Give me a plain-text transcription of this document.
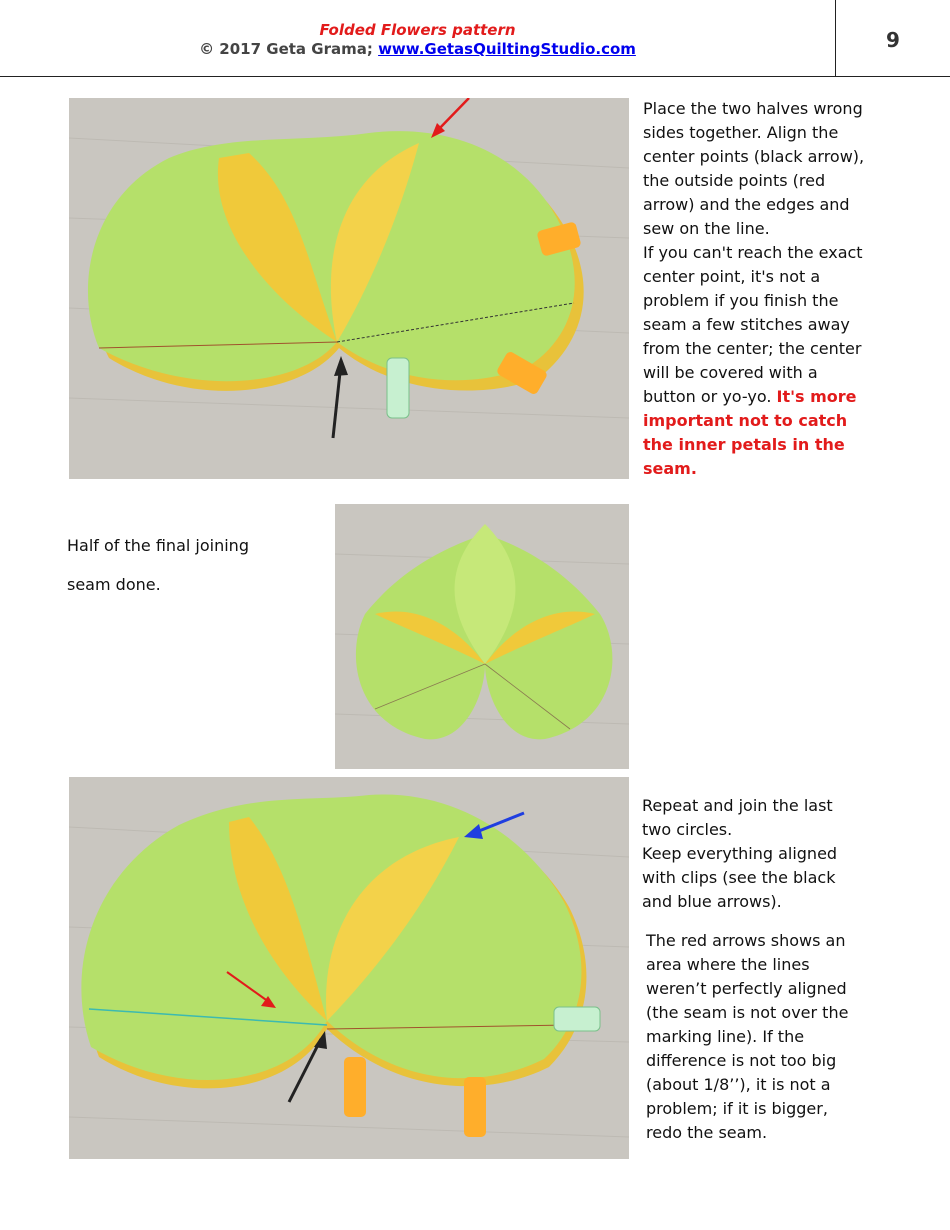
Folded Flowers pattern
© 2017 Geta Grama; www.GetasQuiltingStudio.com	9
Place the two halves wrong
sides together. Align the
center points (black arrow),
the outside points (red
arrow) and the edges and
sew on the line.
If you can't reach the exact
center point, it's not a
problem if you finish the
seam a few stitches away
from the center; the center
will be covered with a
button or yo-yo. It's more
important not to catch
the inner petals in the
seam.
Half of the final joining
seam done.
Repeat and join the last
two circles.
Keep everything aligned
with clips (see the black
and blue arrows).
The red arrows shows an
area where the lines
weren’t perfectly aligned
(the seam is not over the
marking line). If the
difference is not too big
(about 1/8’’), it is not a
problem; if it is bigger,
redo the seam.
